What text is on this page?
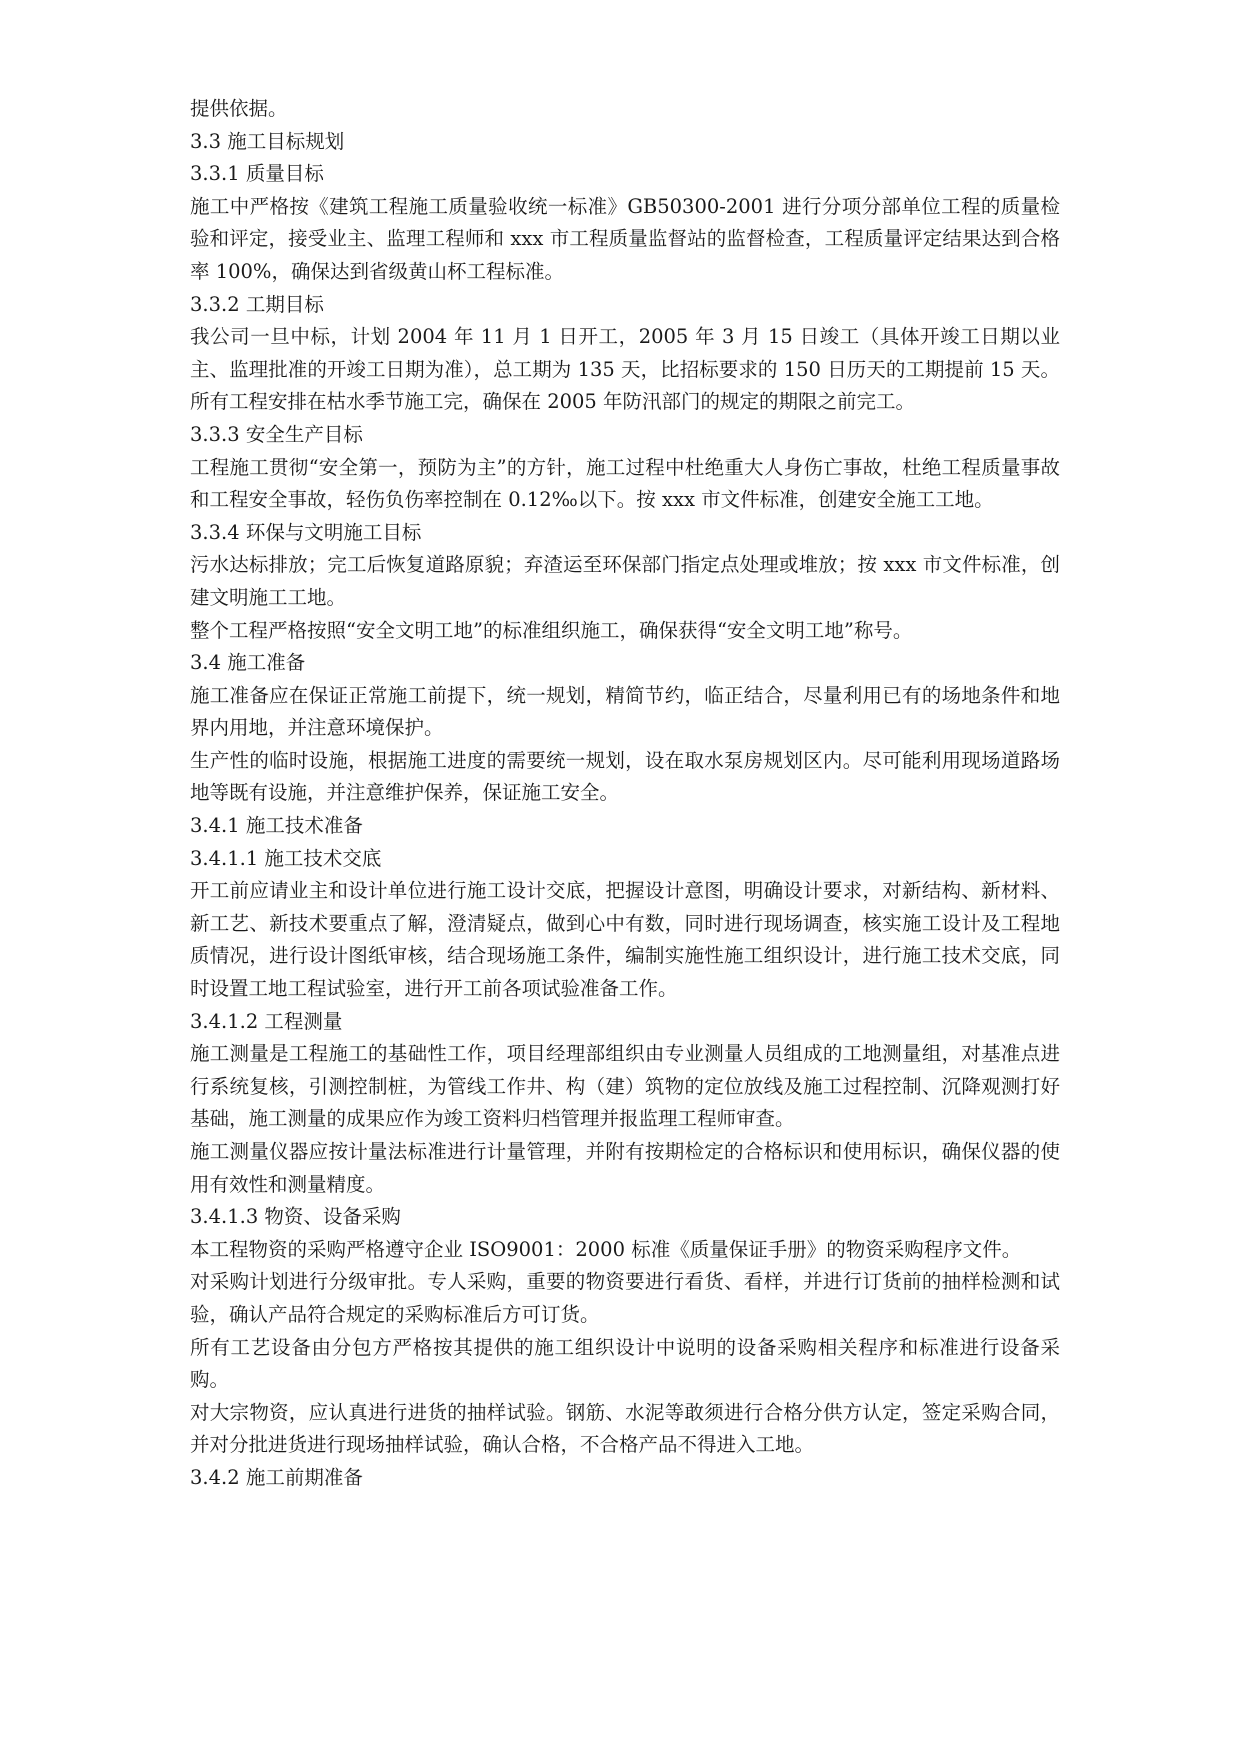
提供依据。

3.3 施工目标规划

3.3.1 质量目标

施工中严格按《建筑工程施工质量验收统一标准》GB50300-2001 进行分项分部单位工程的质量检验和评定，接受业主、监理工程师和 xxx 市工程质量监督站的监督检查，工程质量评定结果达到合格率 100%，确保达到省级黄山杯工程标准。

3.3.2 工期目标

我公司一旦中标，计划 2004 年 11 月 1 日开工，2005 年 3 月 15 日竣工（具体开竣工日期以业主、监理批准的开竣工日期为准），总工期为 135 天，比招标要求的 150 日历天的工期提前 15 天。所有工程安排在枯水季节施工完，确保在 2005 年防汛部门的规定的期限之前完工。

3.3.3 安全生产目标

工程施工贯彻“安全第一，预防为主”的方针，施工过程中杜绝重大人身伤亡事故，杜绝工程质量事故和工程安全事故，轻伤负伤率控制在 0.12‰以下。按 xxx 市文件标准，创建安全施工工地。

3.3.4 环保与文明施工目标

污水达标排放；完工后恢复道路原貌；弃渣运至环保部门指定点处理或堆放；按 xxx 市文件标准，创建文明施工工地。

整个工程严格按照“安全文明工地”的标准组织施工，确保获得“安全文明工地”称号。

3.4 施工准备

施工准备应在保证正常施工前提下，统一规划，精简节约，临正结合，尽量利用已有的场地条件和地界内用地，并注意环境保护。

生产性的临时设施，根据施工进度的需要统一规划，设在取水泵房规划区内。尽可能利用现场道路场地等既有设施，并注意维护保养，保证施工安全。

3.4.1 施工技术准备

3.4.1.1 施工技术交底

开工前应请业主和设计单位进行施工设计交底，把握设计意图，明确设计要求，对新结构、新材料、新工艺、新技术要重点了解，澄清疑点，做到心中有数，同时进行现场调查，核实施工设计及工程地质情况，进行设计图纸审核，结合现场施工条件，编制实施性施工组织设计，进行施工技术交底，同时设置工地工程试验室，进行开工前各项试验准备工作。

3.4.1.2 工程测量

施工测量是工程施工的基础性工作，项目经理部组织由专业测量人员组成的工地测量组，对基准点进行系统复核，引测控制桩，为管线工作井、构（建）筑物的定位放线及施工过程控制、沉降观测打好基础，施工测量的成果应作为竣工资料归档管理并报监理工程师审查。

施工测量仪器应按计量法标准进行计量管理，并附有按期检定的合格标识和使用标识，确保仪器的使用有效性和测量精度。

3.4.1.3 物资、设备采购

本工程物资的采购严格遵守企业 ISO9001：2000 标准《质量保证手册》的物资采购程序文件。

对采购计划进行分级审批。专人采购，重要的物资要进行看货、看样，并进行订货前的抽样检测和试验，确认产品符合规定的采购标准后方可订货。

所有工艺设备由分包方严格按其提供的施工组织设计中说明的设备采购相关程序和标准进行设备采购。

对大宗物资，应认真进行进货的抽样试验。钢筋、水泥等敢须进行合格分供方认定，签定采购合同，并对分批进货进行现场抽样试验，确认合格，不合格产品不得进入工地。

3.4.2 施工前期准备
